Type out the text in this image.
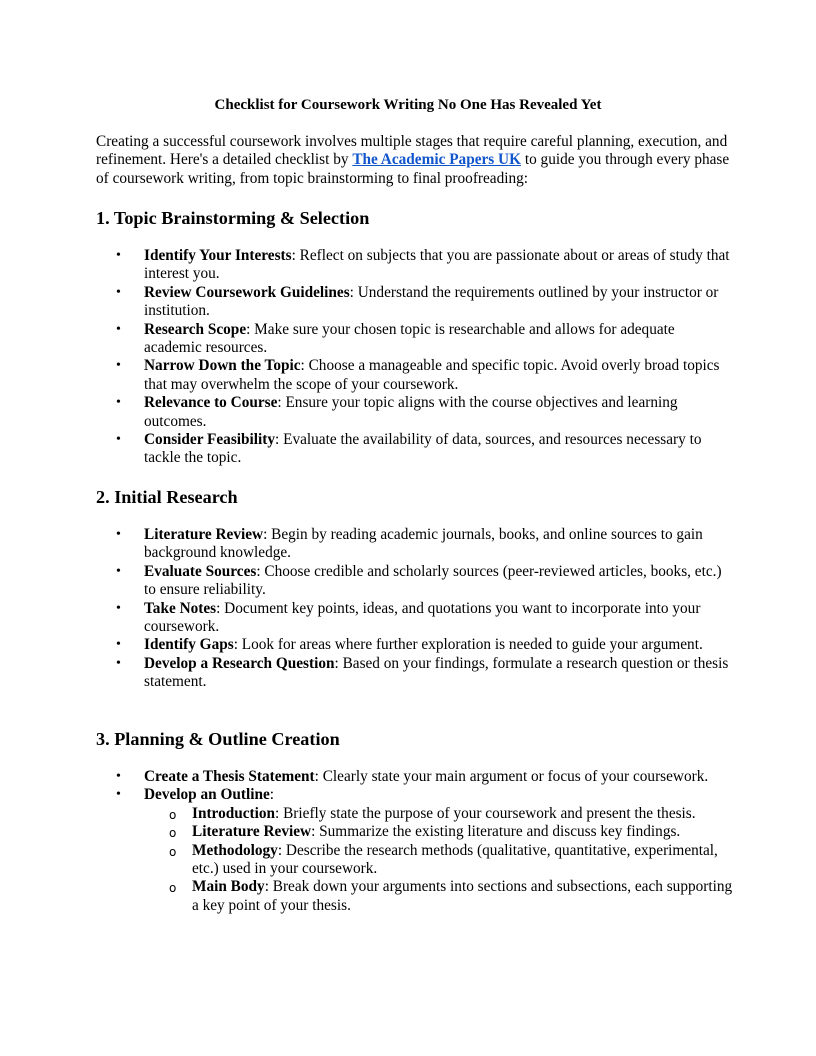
Checklist for Coursework Writing No One Has Revealed Yet

Creating a successful coursework involves multiple stages that require careful planning, execution, and refinement. Here's a detailed checklist by The Academic Papers UK to guide you through every phase of coursework writing, from topic brainstorming to final proofreading:

1. Topic Brainstorming & Selection
• Identify Your Interests: Reflect on subjects that you are passionate about or areas of study that interest you.
• Review Coursework Guidelines: Understand the requirements outlined by your instructor or institution.
• Research Scope: Make sure your chosen topic is researchable and allows for adequate academic resources.
• Narrow Down the Topic: Choose a manageable and specific topic. Avoid overly broad topics that may overwhelm the scope of your coursework.
• Relevance to Course: Ensure your topic aligns with the course objectives and learning outcomes.
• Consider Feasibility: Evaluate the availability of data, sources, and resources necessary to tackle the topic.
2. Initial Research
• Literature Review: Begin by reading academic journals, books, and online sources to gain background knowledge.
• Evaluate Sources: Choose credible and scholarly sources (peer-reviewed articles, books, etc.) to ensure reliability.
• Take Notes: Document key points, ideas, and quotations you want to incorporate into your coursework.
• Identify Gaps: Look for areas where further exploration is needed to guide your argument.
• Develop a Research Question: Based on your findings, formulate a research question or thesis statement.
3. Planning & Outline Creation
• Create a Thesis Statement: Clearly state your main argument or focus of your coursework.
• Develop an Outline:
o Introduction: Briefly state the purpose of your coursework and present the thesis.
o Literature Review: Summarize the existing literature and discuss key findings.
o Methodology: Describe the research methods (qualitative, quantitative, experimental, etc.) used in your coursework.
o Main Body: Break down your arguments into sections and subsections, each supporting a key point of your thesis.
